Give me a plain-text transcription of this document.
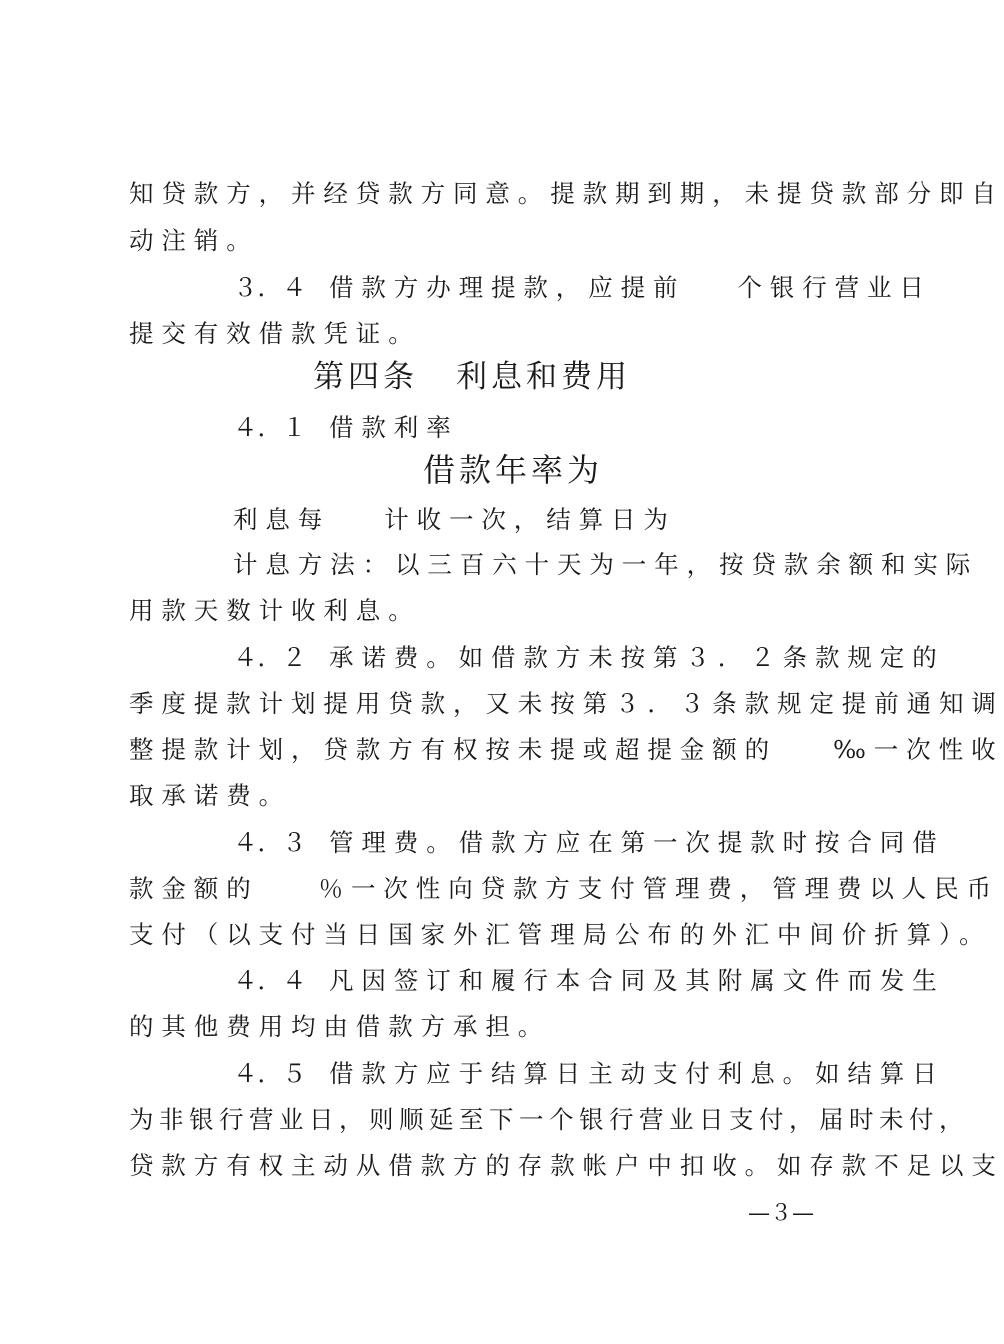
知贷款方，并经贷款方同意。提款期到期，未提贷款部分即自
动注销。
３．４ 借款方办理提款，应提前 个银行营业日
提交有效借款凭证。
第四条 利息和费用
４．１ 借款利率
借款年率为
利息每 计收一次，结算日为
计息方法：以三百六十天为一年，按贷款余额和实际
用款天数计收利息。
４．２ 承诺费。如借款方未按第３．２条款规定的
季度提款计划提用贷款，又未按第３．３条款规定提前通知调
整提款计划，贷款方有权按未提或超提金额的 ‰一次性收
取承诺费。
４．３ 管理费。借款方应在第一次提款时按合同借
款金额的 ％一次性向贷款方支付管理费，管理费以人民币
支付（以支付当日国家外汇管理局公布的外汇中间价折算）。
４．４ 凡因签订和履行本合同及其附属文件而发生
的其他费用均由借款方承担。
４．５ 借款方应于结算日主动支付利息。如结算日
为非银行营业日，则顺延至下一个银行营业日支付，届时未付，
贷款方有权主动从借款方的存款帐户中扣收。如存款不足以支
—３—
